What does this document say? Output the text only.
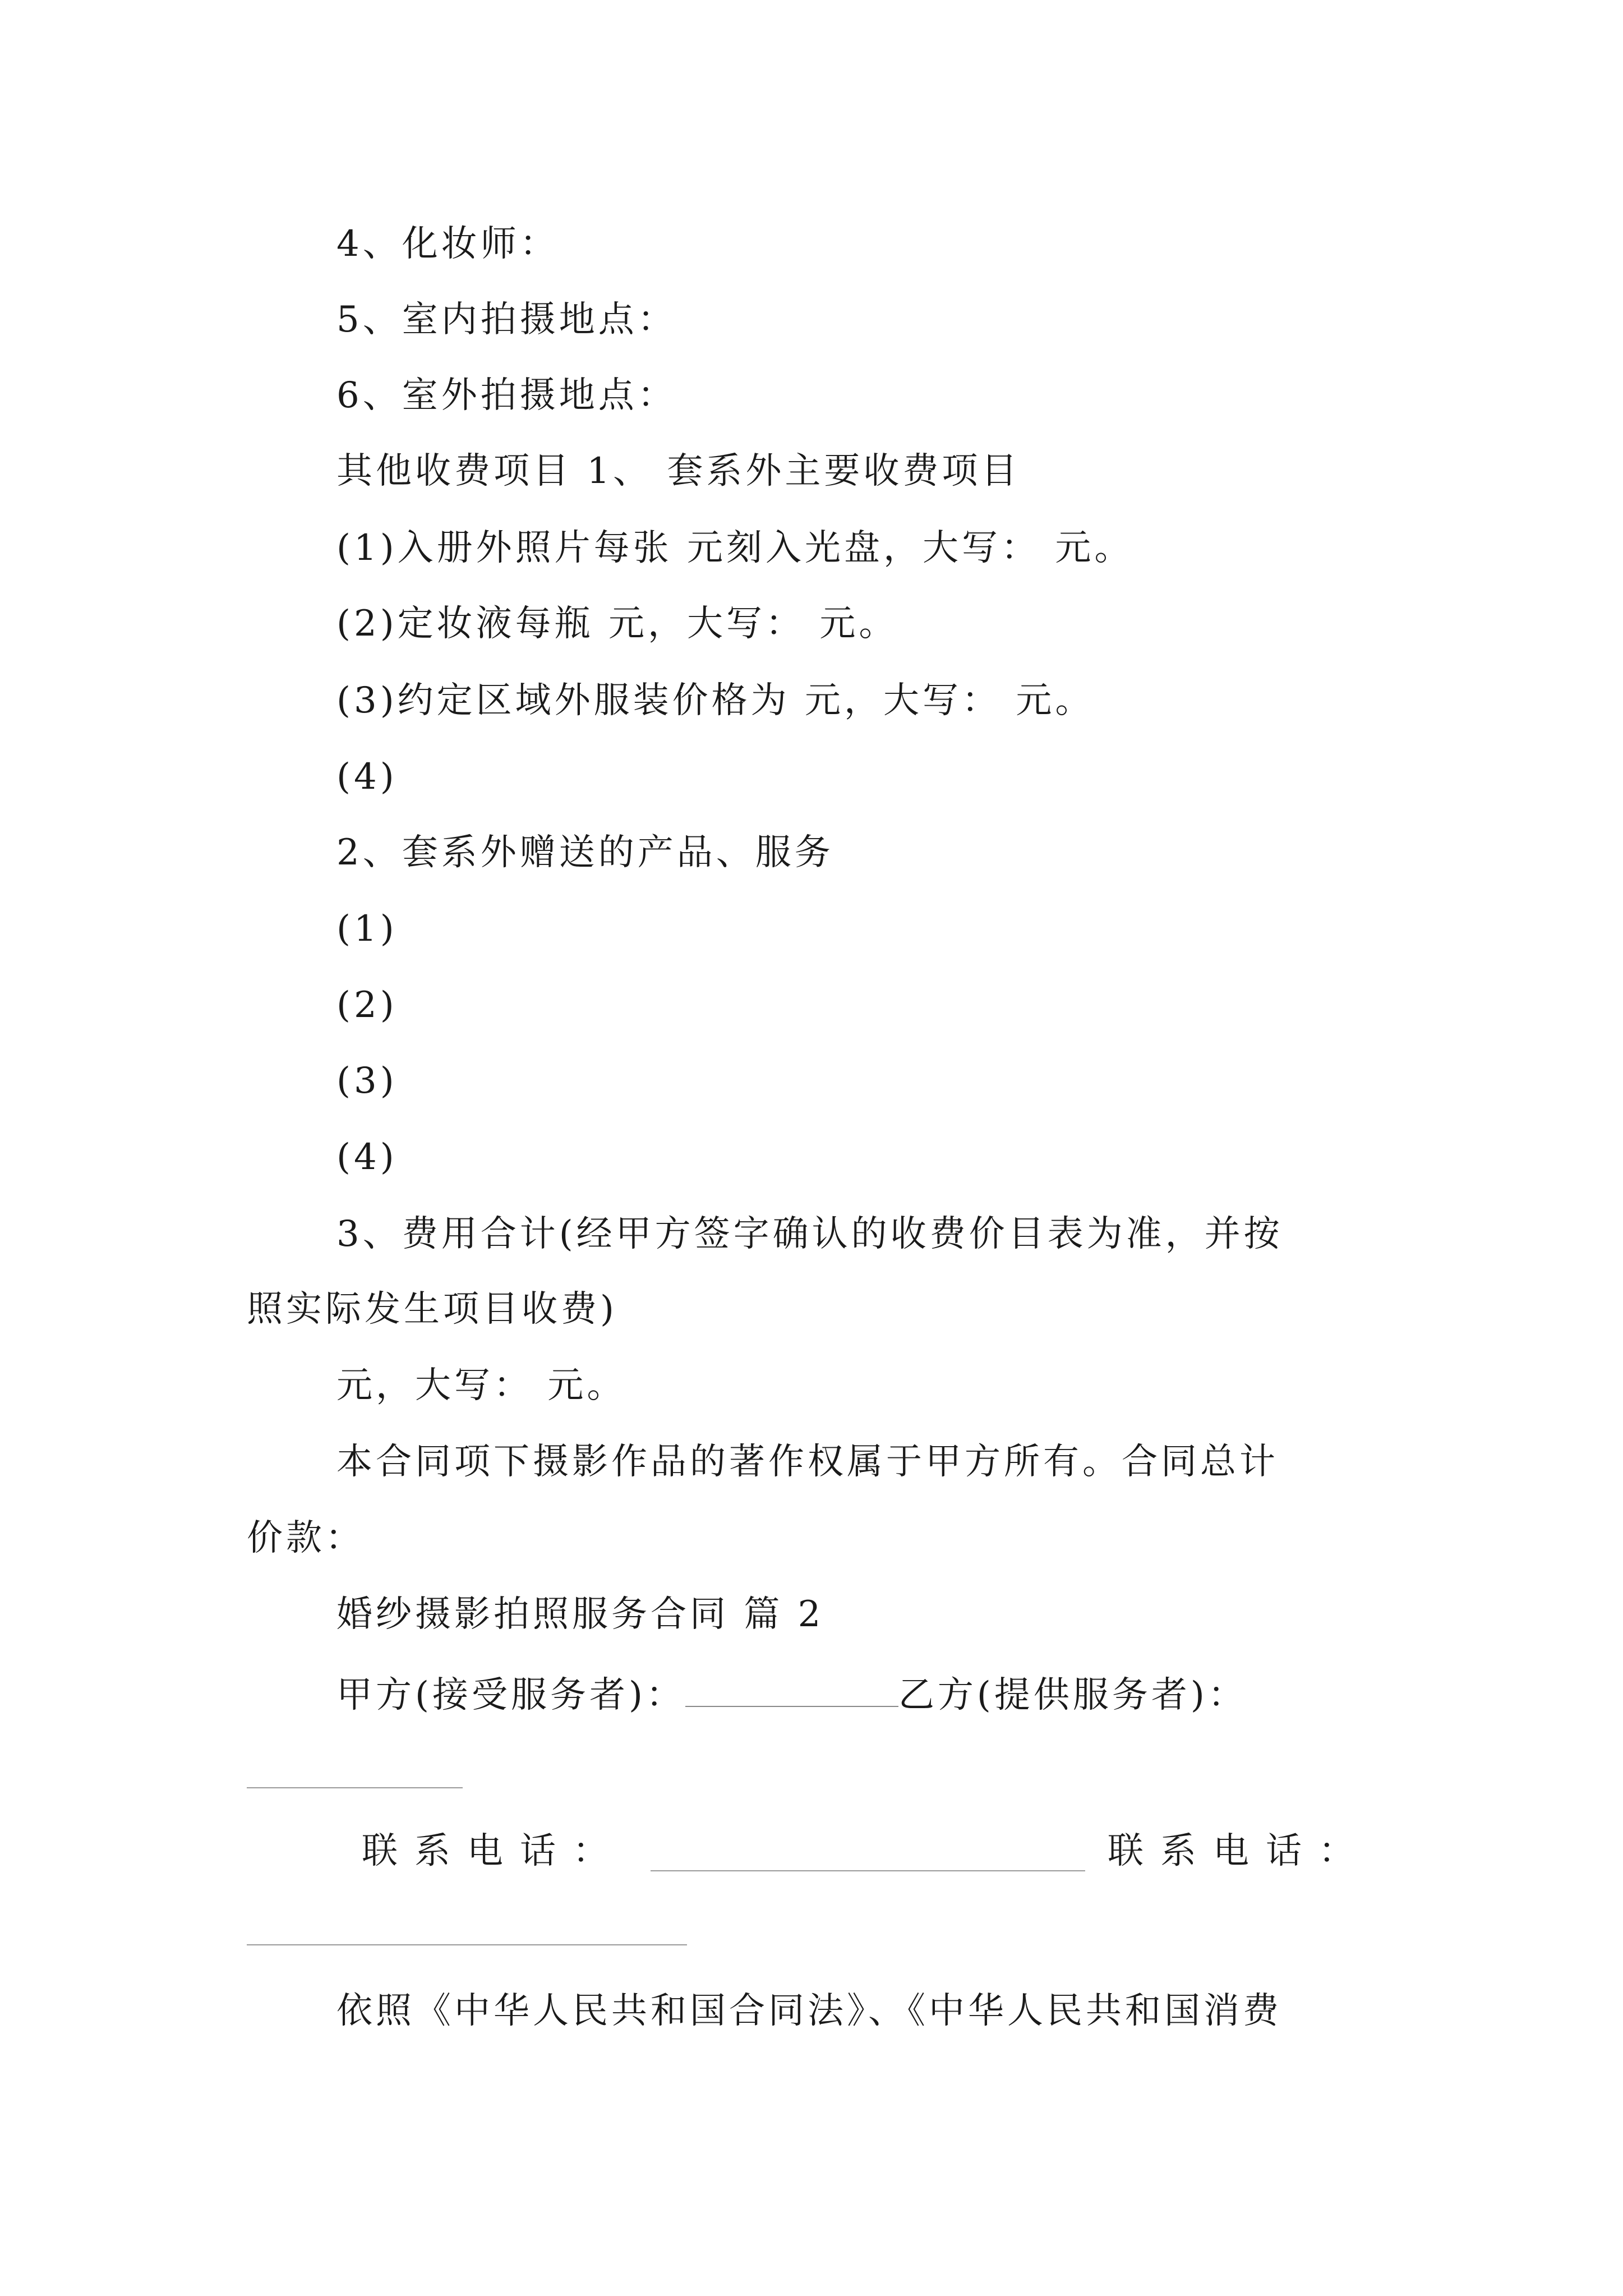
4、化妆师：
5、室内拍摄地点：
6、室外拍摄地点：
其他收费项目 1、 套系外主要收费项目
(1)入册外照片每张 元刻入光盘，大写： 元。
(2)定妆液每瓶 元，大写： 元。
(3)约定区域外服装价格为 元，大写： 元。
(4)
2、套系外赠送的产品、服务
(1)
(2)
(3)
(4)
3、费用合计(经甲方签字确认的收费价目表为准，并按
照实际发生项目收费)
元，大写： 元。
本合同项下摄影作品的著作权属于甲方所有。合同总计
价款：
婚纱摄影拍照服务合同 篇 2
甲方(接受服务者)：	乙方(提供服务者)：
联系电话：	联系电话：
依照《中华人民共和国合同法》、《中华人民共和国消费
